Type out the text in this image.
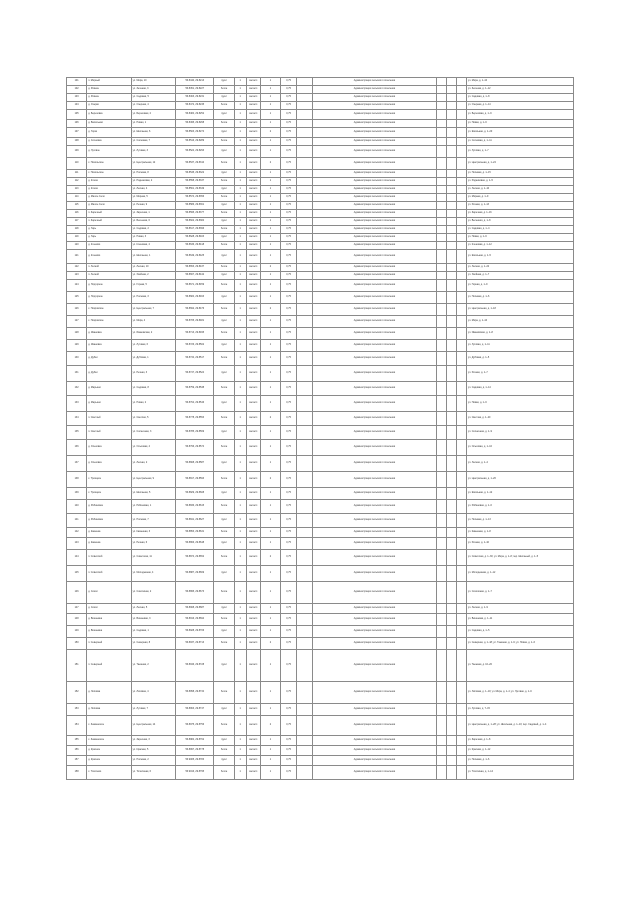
101	п. Мирный	ул. Мира, 10	56.8440, 29.8213	грунт	1	металл	1	0,75		Администрация сельского поселения				ул. Мира, д. 1–10
102	д. Ровное	ул. Зеленая, 3	56.8451, 29.8227	бетон	1	металл	1	0,75		Администрация сельского поселения				ул. Зеленая, д. 1–12
103	д. Ровное	ул. Садовая, 5	56.8463, 29.8231	грунт	1	металл	1	0,75		Администрация сельского поселения				ул. Садовая, д. 1–8
104	д. Озерки	ул. Озерная, 4	56.8472, 29.8245	бетон	1	металл	1	0,75		Администрация сельского поселения				ул. Озерная, д. 1–14
105	д. Березовка	ул. Березовая, 2	56.8484, 29.8252	грунт	1	металл	1	0,75		Администрация сельского поселения				ул. Березовая, д. 1–9
106	д. Васильево	ул. Новая, 1	56.8495, 29.8268	бетон	1	металл	1	0,75		Администрация сельского поселения				ул. Новая, д. 1–6
107	д. Горки	ул. Школьная, 6	56.8503, 29.8274	грунт	1	металл	2	0,75		Администрация сельского поселения				ул. Школьная, д. 1–20
108	д. Сосновка	ул. Сосновая, 7	56.8516, 29.8289	бетон	1	металл	1	0,75		Администрация сельского поселения				ул. Сосновая, д. 1–11
109	д. Луговое	ул. Луговая, 3	56.8524, 29.8293	грунт	1	металл	1	0,75		Администрация сельского поселения				ул. Луговая, д. 1–7
110	с. Никольское	ул. Центральная, 12	56.8537, 29.8310	бетон	1	металл	2	0,75		Администрация сельского поселения				ул. Центральная, д. 1–24
111	с. Никольское	ул. Полевая, 8	56.8545, 29.8322	грунт	1	металл	1	0,75		Администрация сельского поселения				ул. Полевая, д. 1–15
112	д. Ключи	ул. Родниковая, 2	56.8558, 29.8337	бетон	1	металл	1	0,75		Администрация сельского поселения				ул. Родниковая, д. 1–5
113	д. Ключи	ул. Лесная, 4	56.8561, 29.8349	грунт	1	металл	1	0,75		Администрация сельского поселения				ул. Лесная, д. 1–10
114	д. Малое Село	ул. Мирная, 5	56.8574, 29.8356	бетон	1	металл	1	0,75		Администрация сельского поселения				ул. Мирная, д. 1–9
115	д. Малое Село	ул. Речная, 9	56.8586, 29.8361	грунт	1	металл	1	0,75		Администрация сельского поселения				ул. Речная, д. 1–13
116	п. Заречный	ул. Заречная, 1	56.8595, 29.8377	бетон	1	металл	1	0,75		Администрация сельского поселения				ул. Заречная, д. 1–16
117	п. Заречный	ул. Весенняя, 6	56.8602, 29.8384	грунт	1	металл	1	0,75		Администрация сельского поселения				ул. Весенняя, д. 1–8
118	д. Гарь	ул. Садовая, 2	56.8617, 29.8396	бетон	1	металл	1	0,75		Администрация сельского поселения				ул. Садовая, д. 1–4
119	д. Гарь	ул. Новая, 3	56.8628, 29.8403	грунт	1	металл	1	0,75		Администрация сельского поселения				ул. Новая, д. 1–6
120	д. Кленово	ул. Кленовая, 4	56.8636, 29.8418	бетон	1	металл	1	0,75		Администрация сельского поселения				ул. Кленовая, д. 1–12
121	д. Кленово	ул. Школьная, 1	56.8649, 29.8425	грунт	1	металл	1	0,75		Администрация сельского поселения				ул. Школьная, д. 1–5
122	п. Лесной	ул. Лесная, 10	56.8653, 29.8437	бетон	1	металл	2	0,75		Администрация сельского поселения				ул. Лесная, д. 1–22
123	п. Лесной	ул. Хвойная, 2	56.8667, 29.8442	грунт	1	металл	1	0,75		Администрация сельского поселения				ул. Хвойная, д. 1–7
124	д. Подгорное	ул. Горная, 5	56.8671, 29.8459	бетон	1	металл	1	0,75		Администрация сельского поселения				ул. Горная, д. 1–9
125	д. Подгорное	ул. Полевая, 3	56.8684, 29.8463	грунт	1	металл	1	0,75		Администрация сельского поселения				ул. Полевая, д. 1–6
126	с. Покровское	ул. Центральная, 7	56.8692, 29.8476	бетон	1	металл	2	0,75		Администрация сельского поселения				ул. Центральная, д. 1–18
127	с. Покровское	ул. Мира, 4	56.8705, 29.8481	грунт	1	металл	1	0,75		Администрация сельского поселения				ул. Мира, д. 1–10
128	д. Ивановка	ул. Ивановская, 2	56.8713, 29.8495	бетон	1	металл	1	0,75		Администрация сельского поселения				ул. Ивановская, д. 1–8
129	д. Ивановка	ул. Луговая, 6	56.8726, 29.8502	грунт	1	металл	1	0,75		Администрация сельского поселения				ул. Луговая, д. 1–11
130	д. Дубки	ул. Дубовая, 1	56.8734, 29.8517	бетон	1	металл	1	0,75		Администрация сельского поселения				ул. Дубовая, д. 1–5
131	д. Дубки	ул. Речная, 3	56.8747, 29.8524	грунт	1	металл	1	0,75		Администрация сельского поселения				ул. Речная, д. 1–7
132	д. Марьино	ул. Садовая, 8	56.8759, 29.8538	бетон	1	металл	1	0,75		Администрация сельского поселения				ул. Садовая, д. 1–14
133	д. Марьино	ул. Новая, 2	56.8764, 29.8546	грунт	1	металл	1	0,75		Администрация сельского поселения				ул. Новая, д. 1–6
134	п. Светлый	ул. Светлая, 5	56.8778, 29.8553	бетон	1	металл	2	0,75		Администрация сельского поселения				ул. Светлая, д. 1–20
135	п. Светлый	ул. Солнечная, 3	56.8785, 29.8569	грунт	1	металл	1	0,75		Администрация сельского поселения				ул. Солнечная, д. 1–9
136	д. Ольховка	ул. Ольховая, 4	56.8796, 29.8574	бетон	1	металл	1	0,75		Администрация сельского поселения				ул. Ольховая, д. 1–10
137	д. Ольховка	ул. Лесная, 2	56.8808, 29.8587	грунт	1	металл	1	0,75		Администрация сельского поселения				ул. Лесная, д. 1–4
138	с. Троицкое	ул. Центральная, 9	56.8817, 29.8593	бетон	1	металл	2	0,75		Администрация сельского поселения				ул. Центральная, д. 1–26
139	с. Троицкое	ул. Школьная, 5	56.8829, 29.8608	грунт	1	металл	1	0,75		Администрация сельского поселения				ул. Школьная, д. 1–12
140	д. Рябиновка	ул. Рябиновая, 1	56.8836, 29.8615	бетон	1	металл	1	0,75		Администрация сельского поселения				ул. Рябиновая, д. 1–6
141	д. Рябиновка	ул. Полевая, 7	56.8841, 29.8627	грунт	1	металл	1	0,75		Администрация сельского поселения				ул. Полевая, д. 1–13
142	д. Каменка	ул. Каменная, 3	56.8853, 29.8631	бетон	1	металл	1	0,75		Администрация сельского поселения				ул. Каменная, д. 1–8
143	д. Каменка	ул. Речная, 6	56.8866, 29.8648	грунт	1	металл	1	0,75		Администрация сельского поселения				ул. Речная, д. 1–10
144	п. Советский	ул. Советская, 11	56.8874, 29.8652	бетон	1	металл	2	0,75		Администрация сельского поселения				ул. Советская, д. 1–30; ул. Мира, д. 1–8; пер. Школьный, д. 1–5
145	п. Советский	ул. Молодежная, 4	56.8887, 29.8669	грунт	1	металл	1	0,75		Администрация сельского поселения				ул. Молодежная, д. 1–12
146	д. Сокол	ул. Соколиная, 2	56.8895, 29.8673	бетон	1	металл	1	0,75		Администрация сельского поселения				ул. Соколиная, д. 1–7
147	д. Сокол	ул. Лесная, 5	56.8908, 29.8687	грунт	1	металл	1	0,75		Администрация сельского поселения				ул. Лесная, д. 1–9
148	д. Вишневка	ул. Вишневая, 3	56.8916, 29.8694	бетон	1	металл	1	0,75		Администрация сельского поселения				ул. Вишневая, д. 1–11
149	д. Вишневка	ул. Садовая, 1	56.8928, 29.8706	грунт	1	металл	1	0,75		Администрация сельского поселения				ул. Садовая, д. 1–5
150	п. Северный	ул. Северная, 8	56.8937, 29.8713	бетон	1	металл	2	0,75		Администрация сельского поселения				ул. Северная, д. 1–18; ул. Таежная, д. 1–9; ул. Новая, д. 1–6
151	п. Северный	ул. Таежная, 2	56.8946, 29.8728	грунт	1	металл	1	0,75		Администрация сельского поселения				ул. Таежная, д. 10–20
152	д. Липовка	ул. Липовая, 4	56.8958, 29.8734	бетон	1	металл	1	0,75		Администрация сельского поселения				ул. Липовая, д. 1–10; ул. Мира, д. 1–4; ул. Луговая, д. 1–6
153	д. Липовка	ул. Луговая, 7	56.8963, 29.8747	грунт	1	металл	1	0,75		Администрация сельского поселения				ул. Луговая, д. 7–15
154	с. Знаменское	ул. Центральная, 14	56.8975, 29.8756	бетон	1	металл	2	0,75		Администрация сельского поселения				ул. Центральная, д. 1–28; ул. Школьная, д. 1–10; пер. Садовый, д. 1–4
155	с. Знаменское	ул. Заречная, 3	56.8984, 29.8762	грунт	1	металл	1	0,75		Администрация сельского поселения				ул. Заречная, д. 1–8
156	д. Красное	ул. Красная, 5	56.8997, 29.8778	бетон	1	металл	1	0,75		Администрация сельского поселения				ул. Красная, д. 1–12
157	д. Красное	ул. Полевая, 2	56.9005, 29.8783	грунт	1	металл	1	0,75		Администрация сельского поселения				ул. Полевая, д. 1–6
158	с. Тополево	ул. Тополиная, 6	56.9016, 29.8795	бетон	1	металл	1	0,75		Администрация сельского поселения				ул. Тополиная, д. 1–14
